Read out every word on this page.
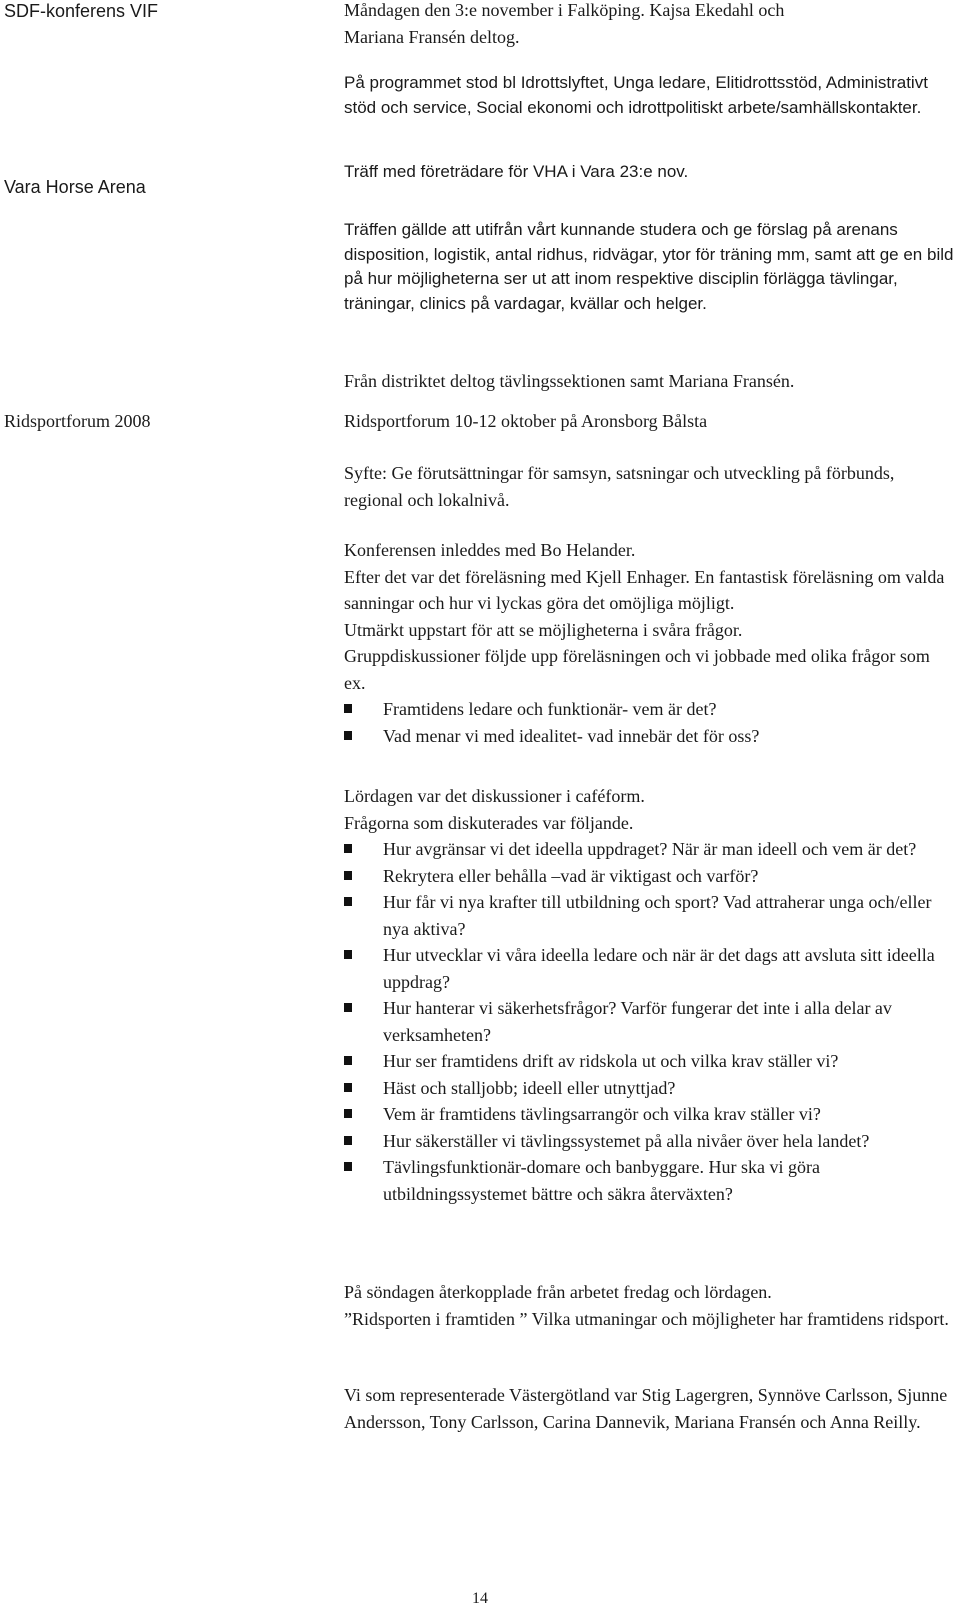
SDF-konferens VIF
Vara Horse Arena
Ridsportforum 2008

Måndagen den 3:e november i Falköping. Kajsa Ekedahl och

Mariana Fransén deltog.

På programmet stod bl Idrottslyftet, Unga ledare, Elitidrottsstöd, Administrativt stöd och service, Social ekonomi och idrottpolitiskt arbete/samhällskontakter.

Träff med företrädare för VHA i Vara 23:e nov.

Träffen gällde att utifrån vårt kunnande studera och ge förslag på arenans disposition, logistik, antal ridhus, ridvägar, ytor för träning mm, samt att ge en bild på hur möjligheterna ser ut att inom respektive disciplin förlägga tävlingar, träningar, clinics på vardagar, kvällar och helger.

Från distriktet deltog tävlingssektionen samt Mariana Fransén.

Ridsportforum 10-12 oktober på Aronsborg Bålsta

Syfte: Ge förutsättningar för samsyn, satsningar och utveckling på förbunds, regional och lokalnivå.

Konferensen inleddes med Bo Helander.

Efter det var det föreläsning med Kjell Enhager. En fantastisk föreläsning om valda sanningar och hur vi lyckas göra det omöjliga möjligt.

Utmärkt uppstart för att se möjligheterna i svåra frågor.

Gruppdiskussioner följde upp föreläsningen och vi jobbade med olika frågor som ex.

Framtidens ledare och funktionär- vem är det?
Vad menar vi med idealitet- vad innebär det för oss?

Lördagen var det diskussioner i caféform.

Frågorna som diskuterades var följande.

Hur avgränsar vi det ideella uppdraget? När är man ideell och vem är det?
Rekrytera eller behålla –vad är viktigast och varför?
Hur får vi nya krafter till utbildning och sport? Vad attraherar unga och/eller nya aktiva?
Hur utvecklar vi våra ideella ledare och när är det dags att avsluta sitt ideella uppdrag?
Hur hanterar vi säkerhetsfrågor? Varför fungerar det inte i alla delar av verksamheten?
Hur ser framtidens drift av ridskola ut och vilka krav ställer vi?
Häst och stalljobb; ideell eller utnyttjad?
Vem är framtidens tävlingsarrangör och vilka krav ställer vi?
Hur säkerställer vi tävlingssystemet på alla nivåer över hela landet?
Tävlingsfunktionär-domare och banbyggare. Hur ska vi göra utbildningssystemet bättre och säkra återväxten?

På söndagen återkopplade från arbetet fredag och lördagen.

”Ridsporten i framtiden ” Vilka utmaningar och möjligheter har framtidens ridsport.

Vi som representerade Västergötland var Stig Lagergren, Synnöve Carlsson, Sjunne Andersson, Tony Carlsson, Carina Dannevik, Mariana Fransén och Anna Reilly.

14
